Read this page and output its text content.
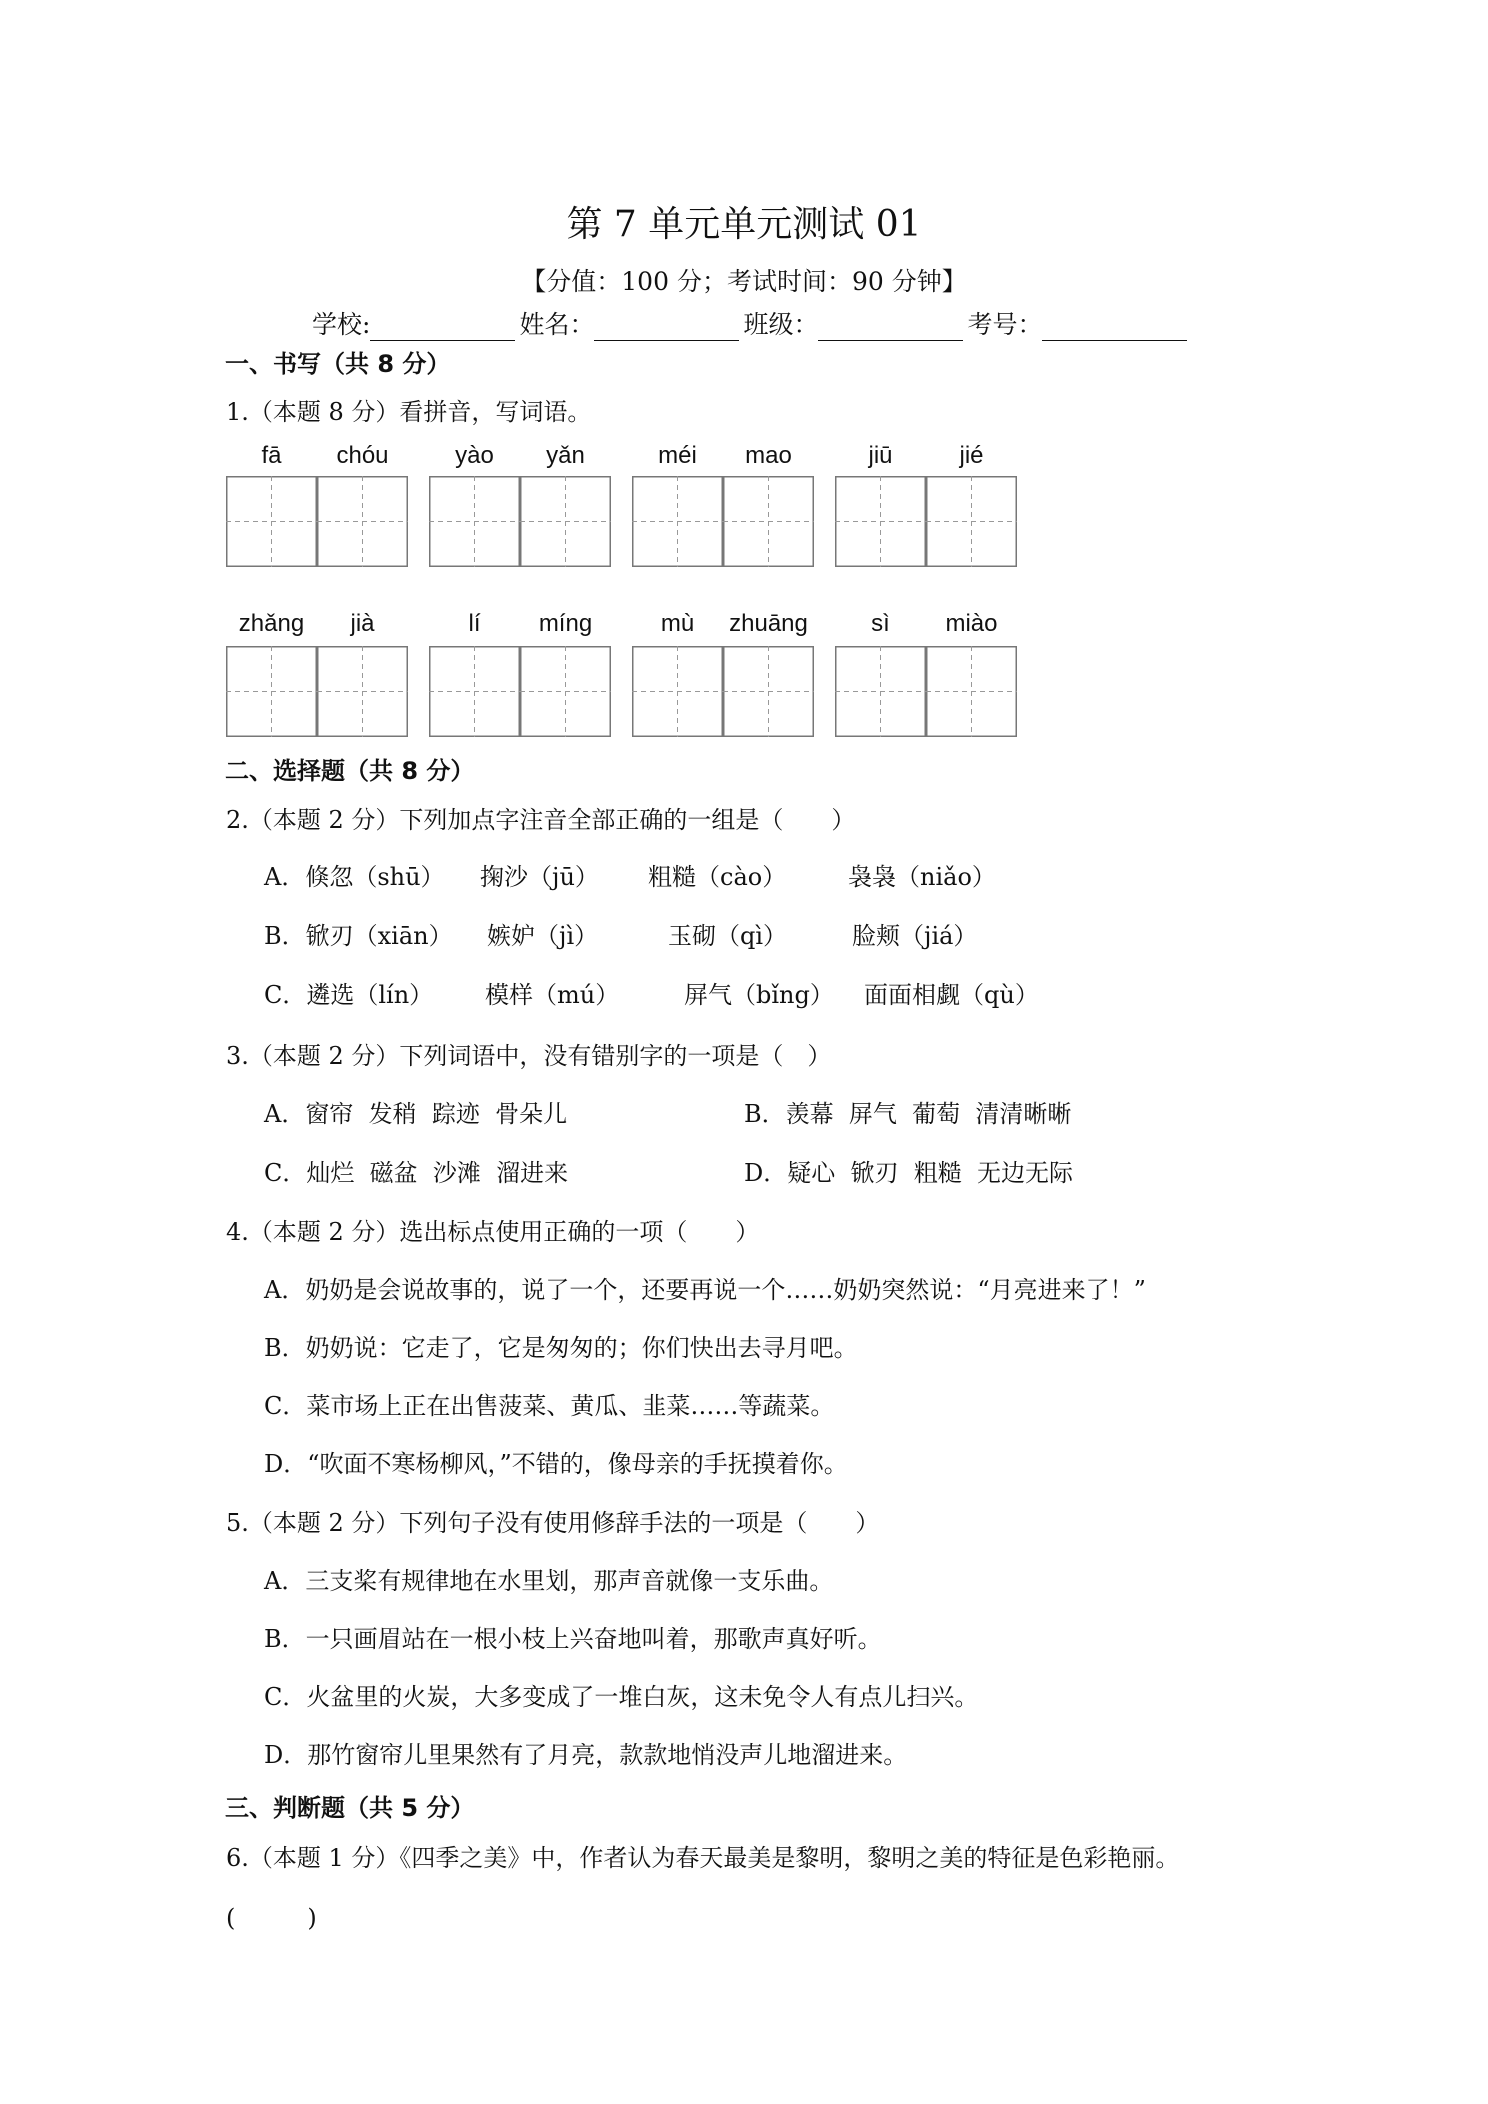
第 7 单元单元测试 01
【分值：100 分；考试时间：90 分钟】
学校:	姓名：	班级：	考号：
一、书写（共 8 分）
1.（本题 8 分）看拼音，写词语。
fā	chóu	yào	yǎn	méi	mao	jiū	jié
zhǎng	jià	lí	míng	mù	zhuāng	sì	miào
二、选择题（共 8 分）
2.（本题 2 分）下列加点字注音全部正确的一组是（　　）
A．倏忽（shū） 掬沙（jū） 粗糙（cào）	袅袅（niǎo）
B．锨刃（xiān） 嫉妒（jì）	玉砌（qì）	脸颊（jiá）
C．遴选（lín） 模样（mú）	屏气（bǐng） 面面相觑（qù）
3.（本题 2 分）下列词语中，没有错别字的一项是（　）
A．窗帘  发稍  踪迹  骨朵儿	B．羡幕  屏气  葡萄  清清晰晰
C．灿烂  磁盆  沙滩  溜进来	D．疑心  锨刃  粗糙  无边无际
4.（本题 2 分）选出标点使用正确的一项（　　）
A．奶奶是会说故事的，说了一个，还要再说一个……奶奶突然说：“月亮进来了！”
B．奶奶说：它走了，它是匆匆的；你们快出去寻月吧。
C．菜市场上正在出售菠菜、黄瓜、韭菜……等蔬菜。
D．“吹面不寒杨柳风，”不错的，像母亲的手抚摸着你。
5.（本题 2 分）下列句子没有使用修辞手法的一项是（　　）
A．三支桨有规律地在水里划，那声音就像一支乐曲。
B．一只画眉站在一根小枝上兴奋地叫着，那歌声真好听。
C．火盆里的火炭，大多变成了一堆白灰，这未免令人有点儿扫兴。
D．那竹窗帘儿里果然有了月亮，款款地悄没声儿地溜进来。
三、判断题（共 5 分）
6.（本题 1 分）《四季之美》中，作者认为春天最美是黎明，黎明之美的特征是色彩艳丽。
(　　　)
